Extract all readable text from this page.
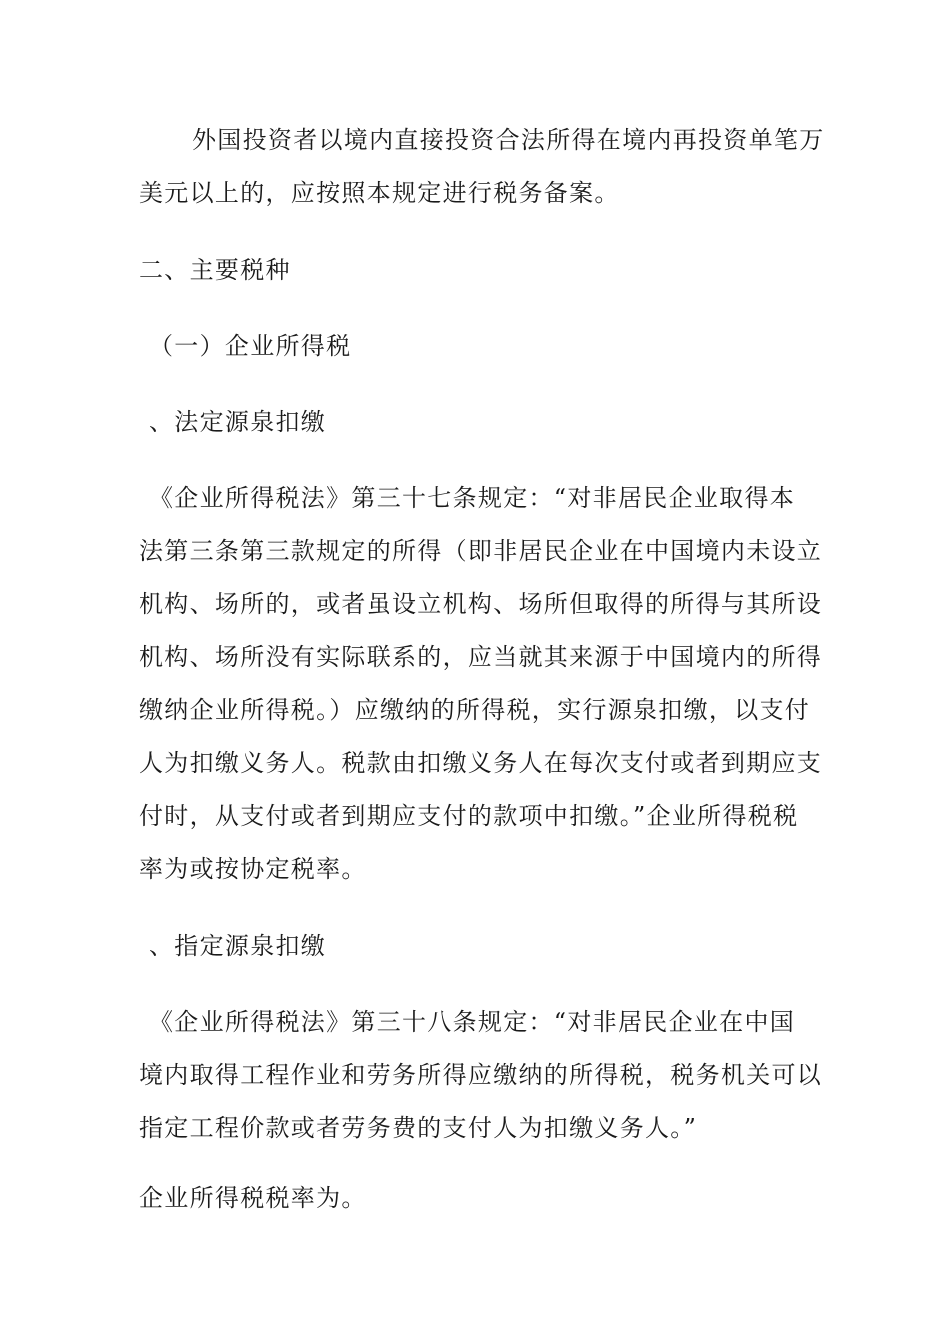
外国投资者以境内直接投资合法所得在境内再投资单笔万
美元以上的，应按照本规定进行税务备案。
二、主要税种
（一）企业所得税
、法定源泉扣缴
《企业所得税法》第三十七条规定：“对非居民企业取得本
法第三条第三款规定的所得（即非居民企业在中国境内未设立
机构、场所的，或者虽设立机构、场所但取得的所得与其所设
机构、场所没有实际联系的，应当就其来源于中国境内的所得
缴纳企业所得税。）应缴纳的所得税，实行源泉扣缴，以支付
人为扣缴义务人。税款由扣缴义务人在每次支付或者到期应支
付时，从支付或者到期应支付的款项中扣缴。”企业所得税税
率为或按协定税率。
、指定源泉扣缴
《企业所得税法》第三十八条规定：“对非居民企业在中国
境内取得工程作业和劳务所得应缴纳的所得税，税务机关可以
指定工程价款或者劳务费的支付人为扣缴义务人。”
企业所得税税率为。
